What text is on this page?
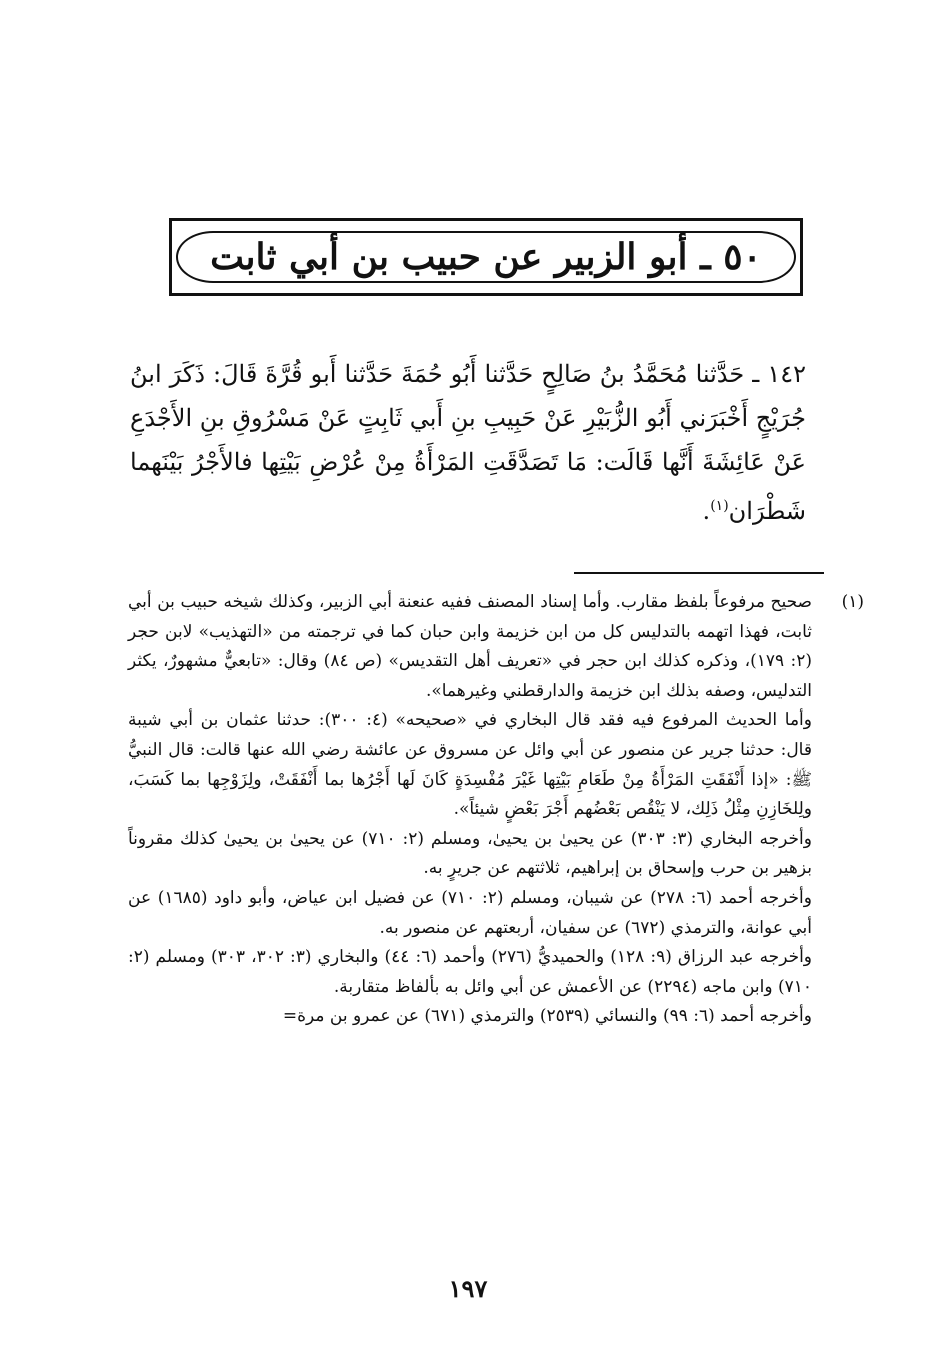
٥٠ ـ أبو الزبير عن حبيب بن أبي ثابت
١٤٢ ـ حَدَّثنا مُحَمَّدُ بنُ صَالِحٍ حَدَّثنا أَبُو حُمَةَ حَدَّثنا أَبو قُرَّةَ قَالَ: ذَكَرَ ابنُ جُرَيْجٍ أَخْبَرَني أَبُو الزُّبَيْرِ عَنْ حَبِيبِ بنِ أَبي ثَابِتٍ عَنْ مَسْرُوقِ بنِ الأَجْدَعِ عَنْ عَائِشَةَ أَنَّها قَالَت: مَا تَصَدَّقَتِ المَرْأَةُ مِنْ عُرْضِ بَيْتِها فالأَجْرُ بَيْنَهما شَطْرَان$^{(١)}$.
(١)

صحيح مرفوعاً بلفظ مقارب. وأما إسناد المصنف ففيه عنعنة أبي الزبير، وكذلك شيخه حبيب بن أبي ثابت، فهذا اتهمه بالتدليس كل من ابن خزيمة وابن حبان كما في ترجمته من «التهذيب» لابن حجر (٢: ١٧٩)، وذكره كذلك ابن حجر في «تعريف أهل التقديس» (ص ٨٤) وقال: «تابعيٌّ مشهورٌ، يكثر التدليس، وصفه بذلك ابن خزيمة والدارقطني وغيرهما».

وأما الحديث المرفوع فيه فقد قال البخاري في «صحيحه» (٤: ٣٠٠): حدثنا عثمان بن أبي شيبة قال: حدثنا جرير عن منصور عن أبي وائل عن مسروق عن عائشة رضي الله عنها قالت: قال النبيُّ ﷺ: «إذا أَنْفَقَتِ المَرْأَةُ مِنْ طَعَامِ بَيْتِها غَيْرَ مُفْسِدَةٍ كَانَ لَها أَجْرُها بما أَنْفَقَتْ، ولِزَوْجِها بما كَسَبَ، ولِلخَازِنِ مِثْلُ ذَلِك، لا يَنْقُص بَعْضُهم أَجْرَ بَعْضٍ شيئاً».

وأخرجه البخاري (٣: ٣٠٣) عن يحيىٰ بن يحيىٰ، ومسلم (٢: ٧١٠) عن يحيىٰ بن يحيىٰ كذلك مقروناً بزهير بن حرب وإسحاق بن إبراهيم، ثلاثتهم عن جريرٍ به.

وأخرجه أحمد (٦: ٢٧٨) عن شيبان، ومسلم (٢: ٧١٠) عن فضيل ابن عياض، وأبو داود (١٦٨٥) عن أبي عوانة، والترمذي (٦٧٢) عن سفيان، أربعتهم عن منصور به.

وأخرجه عبد الرزاق (٩: ١٢٨) والحميديُّ (٢٧٦) وأحمد (٦: ٤٤) والبخاري (٣: ٣٠٢، ٣٠٣) ومسلم (٢: ٧١٠) وابن ماجه (٢٢٩٤) عن الأعمش عن أبي وائل به بألفاظ متقاربة.

وأخرجه أحمد (٦: ٩٩) والنسائي (٢٥٣٩) والترمذي (٦٧١) عن عمرو بن مرة=

١٩٧
